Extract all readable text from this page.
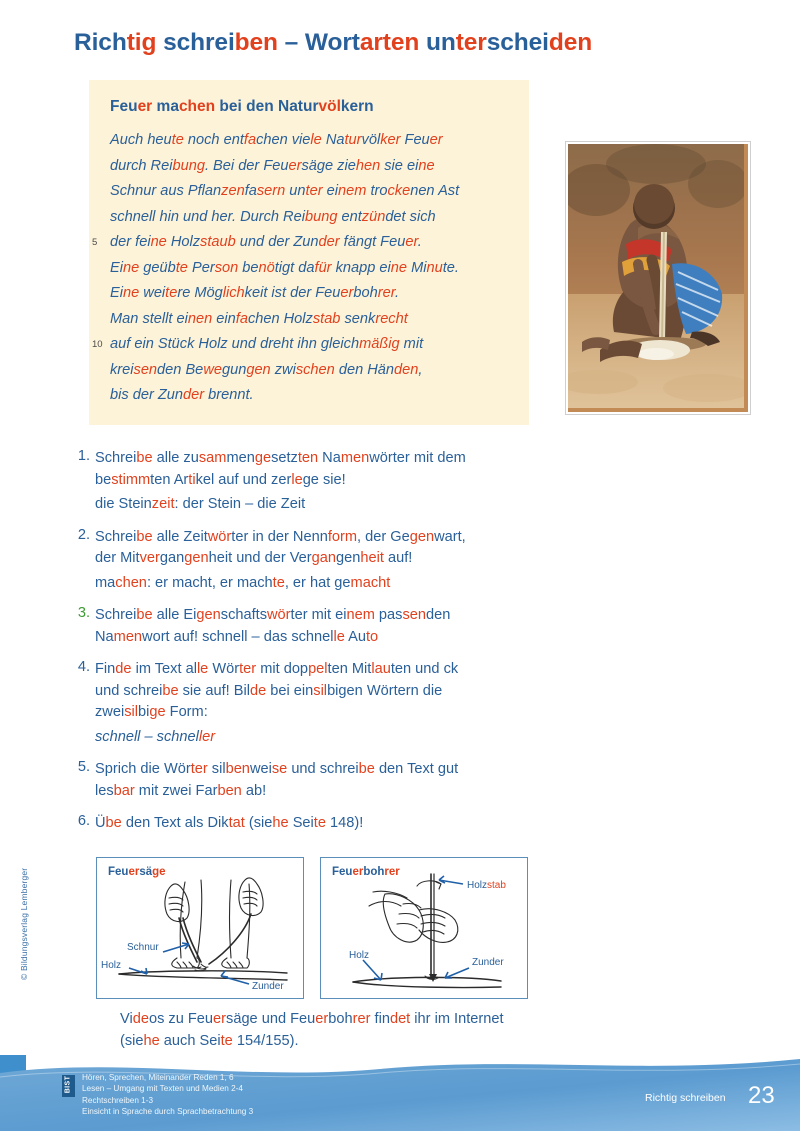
© Bildungsverlag Lemberger
Richtig schreiben – Wortarten unterscheiden
Feuer machen bei den Naturvölkern
Auch heute noch entfachen viele Naturvölker Feuer
durch Reibung. Bei der Feuersäge ziehen sie eine
Schnur aus Pflanzenfasern unter einem trockenen Ast
schnell hin und her. Durch Reibung entzündet sich
5 der feine Holzstaub und der Zunder fängt Feuer.
Eine geübte Person benötigt dafür knapp eine Minute.
Eine weitere Möglichkeit ist der Feuerbohrer.
Man stellt einen einfachen Holzstab senkrecht
10 auf ein Stück Holz und dreht ihn gleichmäßig mit
kreisenden Bewegungen zwischen den Händen,
bis der Zunder brennt.
1. Schreibe alle zusammengesetzten Namenwörter mit dem
bestimmten Artikel auf und zerlege sie!
die Steinzeit: der Stein – die Zeit
2. Schreibe alle Zeitwörter in der Nennform, der Gegenwart,
der Mitvergangenheit und der Vergangenheit auf!
machen: er macht, er machte, er hat gemacht
3. Schreibe alle Eigenschaftswörter mit einem passenden
Namenwort auf! schnell – das schnelle Auto
4. Finde im Text alle Wörter mit doppelten Mitlauten und ck
und schreibe sie auf! Bilde bei einsilbigen Wörtern die
zweisilbige Form:
schnell – schneller
5. Sprich die Wörter silbenweise und schreibe den Text gut
lesbar mit zwei Farben ab!
6. Übe den Text als Diktat (siehe Seite 148)!
Feuersäge
Schnur
Holz
Zunder
Feuerbohrer
Holzstab
Holz
Zunder
Videos zu Feuersäge und Feuerbohrer findet ihr im Internet
(siehe auch Seite 154/155).
BIST Hören, Sprechen, Miteinander Reden 1, 6
Lesen – Umgang mit Texten und Medien 2-4
Rechtschreiben 1-3
Einsicht in Sprache durch Sprachbetrachtung 3
Richtig schreiben 23
